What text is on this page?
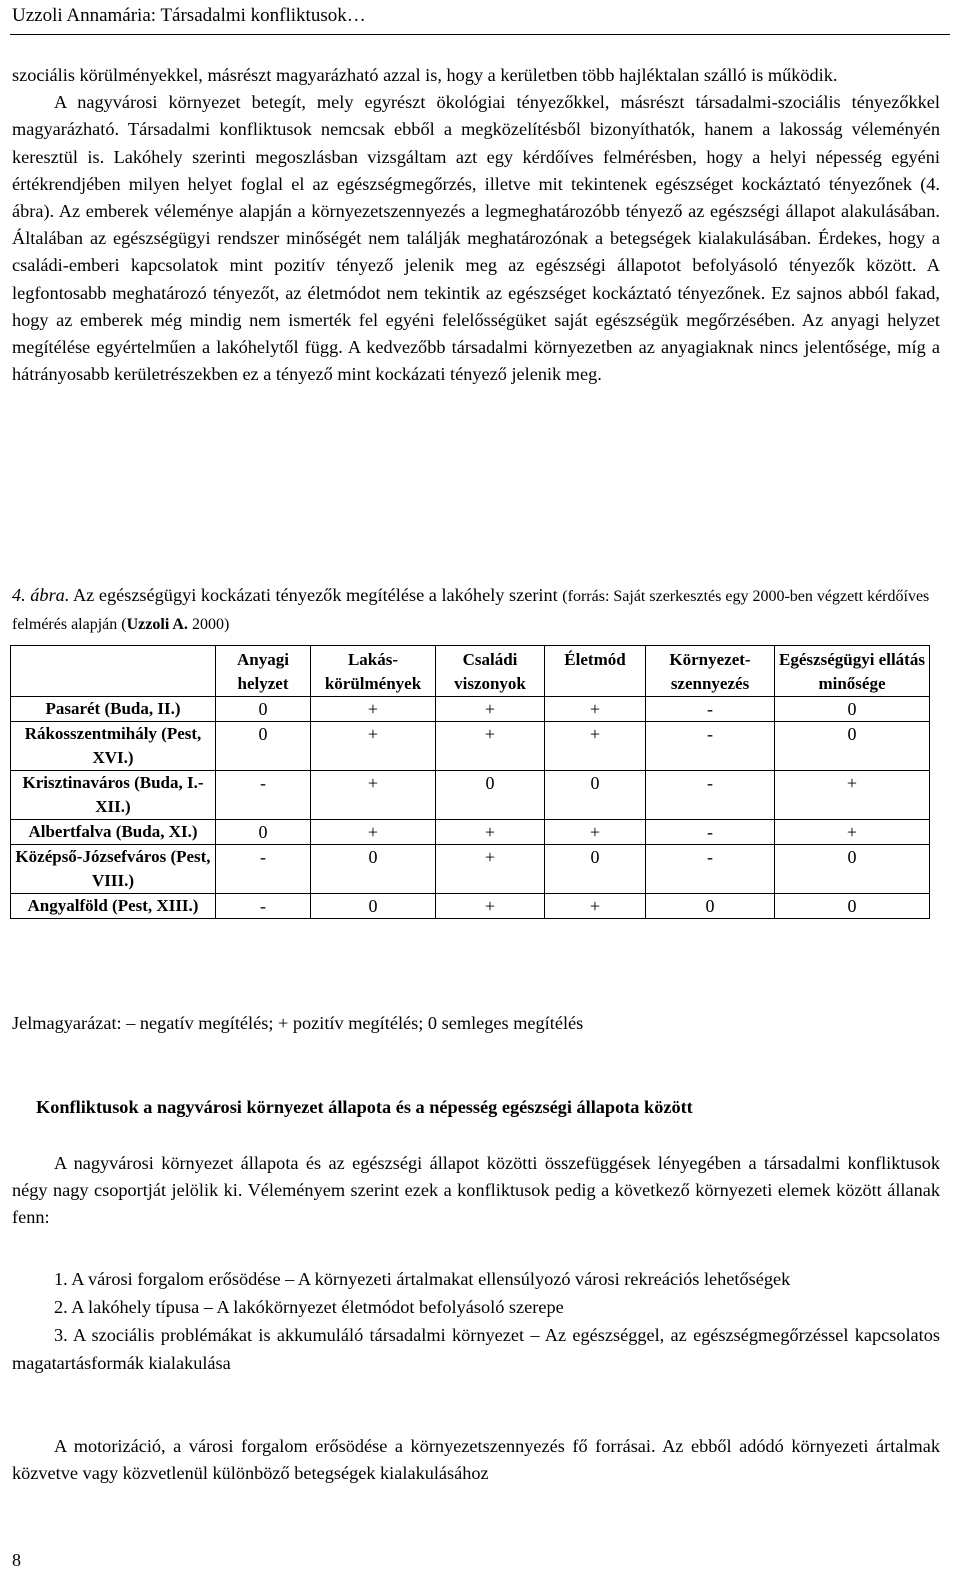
Uzzoli Annamária: Társadalmi konfliktusok…

szociális körülményekkel, másrészt magyarázható azzal is, hogy a kerületben több hajléktalan szálló is működik.

A nagyvárosi környezet betegít, mely egyrészt ökológiai tényezőkkel, másrészt társadalmi-szociális tényezőkkel magyarázható. Társadalmi konfliktusok nemcsak ebből a megközelítésből bizonyíthatók, hanem a lakosság véleményén keresztül is. Lakóhely szerinti megoszlásban vizsgáltam azt egy kérdőíves felmérésben, hogy a helyi népesség egyéni értékrendjében milyen helyet foglal el az egészségmegőrzés, illetve mit tekintenek egészséget kockáztató tényezőnek (4. ábra). Az emberek véleménye alapján a környezetszennyezés a legmeghatározóbb tényező az egészségi állapot alakulásában. Általában az egészségügyi rendszer minőségét nem találják meghatározónak a betegségek kialakulásában. Érdekes, hogy a családi-emberi kapcsolatok mint pozitív tényező jelenik meg az egészségi állapotot befolyásoló tényezők között. A legfontosabb meghatározó tényezőt, az életmódot nem tekintik az egészséget kockáztató tényezőnek. Ez sajnos abból fakad, hogy az emberek még mindig nem ismerték fel egyéni felelősségüket saját egészségük megőrzésében. Az anyagi helyzet megítélése egyértelműen a lakóhelytől függ. A kedvezőbb társadalmi környezetben az anyagiaknak nincs jelentősége, míg a hátrányosabb kerületrészekben ez a tényező mint kockázati tényező jelenik meg.

4. ábra. Az egészségügyi kockázati tényezők megítélése a lakóhely szerint (forrás: Saját szerkesztés egy 2000-ben végzett kérdőíves felmérés alapján (Uzzoli A. 2000)
	Anyagi helyzet	Lakás-körülmények	Családi viszonyok	Életmód	Környezet-szennyezés	Egészségügyi ellátás minősége
Pasarét (Buda, II.)	0	+	+	+	-	0
Rákosszentmihály (Pest, XVI.)	0	+	+	+	-	0
Krisztinaváros (Buda, I.-XII.)	-	+	0	0	-	+
Albertfalva (Buda, XI.)	0	+	+	+	-	+
Középső-Józsefváros (Pest, VIII.)	-	0	+	0	-	0
Angyalföld (Pest, XIII.)	-	0	+	+	0	0
Jelmagyarázat: – negatív megítélés; + pozitív megítélés; 0 semleges megítélés
Konfliktusok a nagyvárosi környezet állapota és a népesség egészségi állapota között

A nagyvárosi környezet állapota és az egészségi állapot közötti összefüggések lényegében a társadalmi konfliktusok négy nagy csoportját jelölik ki. Véleményem szerint ezek a konfliktusok pedig a következő környezeti elemek között állanak fenn:

1. A városi forgalom erősödése – A környezeti ártalmakat ellensúlyozó városi rekreációs lehetőségek

2. A lakóhely típusa – A lakókörnyezet életmódot befolyásoló szerepe

3. A szociális problémákat is akkumuláló társadalmi környezet – Az egészséggel, az egészségmegőrzéssel kapcsolatos magatartásformák kialakulása

A motorizáció, a városi forgalom erősödése a környezetszennyezés fő forrásai. Az ebből adódó környezeti ártalmak közvetve vagy közvetlenül különböző betegségek kialakulásához

8
